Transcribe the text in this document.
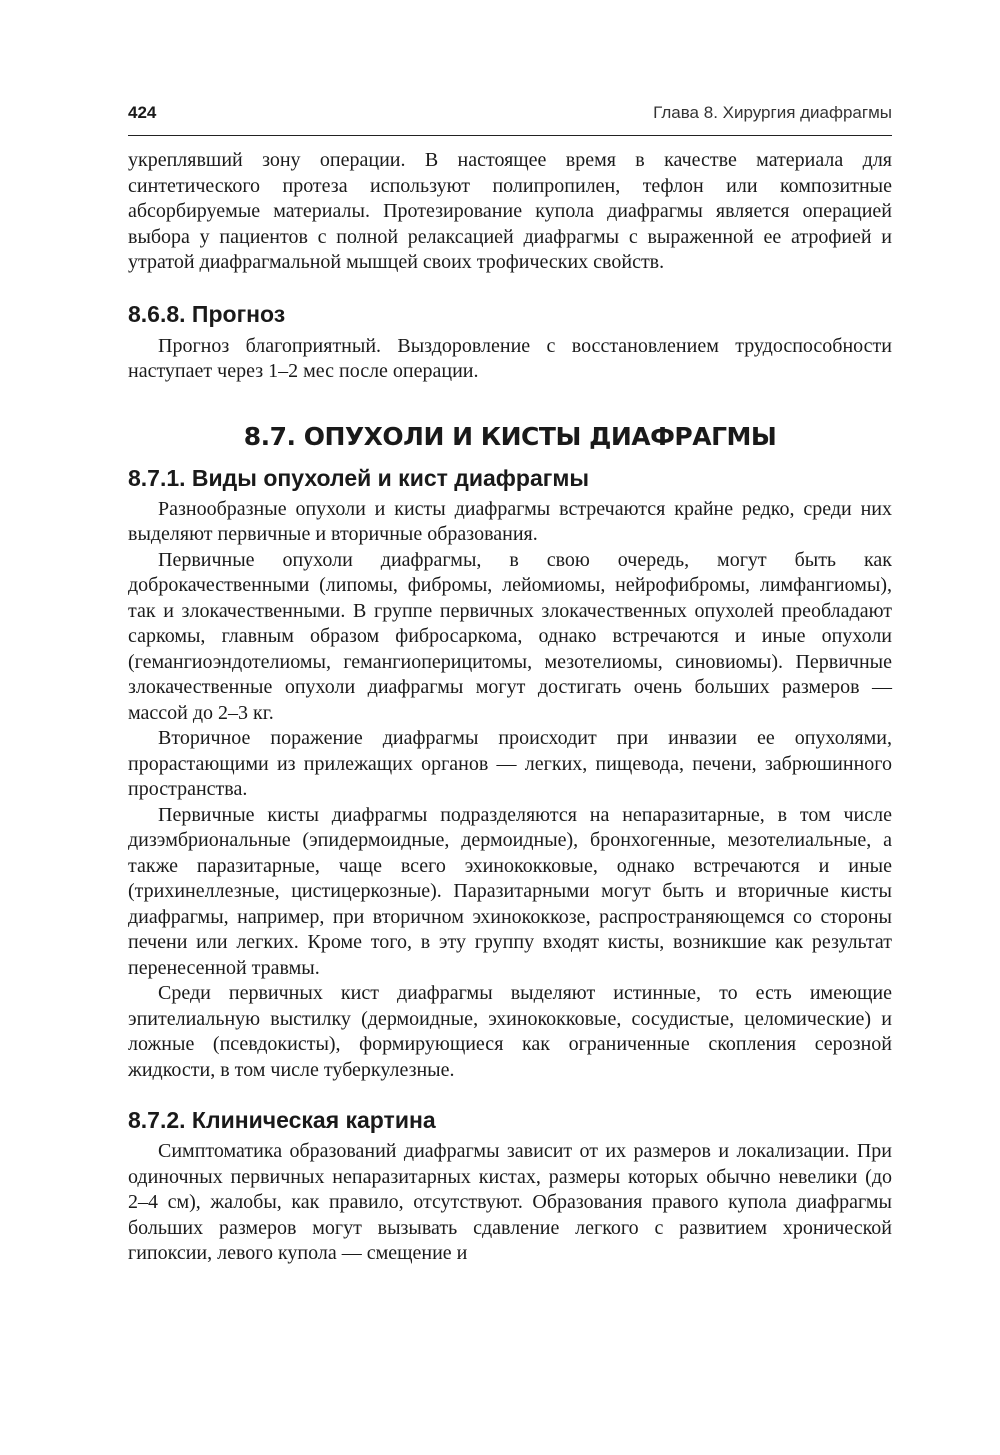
424	Глава 8. Хирургия диафрагмы

укреплявший зону операции. В настоящее время в качестве материала для синтетического протеза используют полипропилен, тефлон или композитные абсорбируемые материалы. Протезирование купола диафрагмы является операцией выбора у пациентов с полной релаксацией диафрагмы с выраженной ее атрофией и утратой диафрагмальной мышцей своих трофических свойств.

8.6.8. Прогноз

Прогноз благоприятный. Выздоровление с восстановлением трудоспособности наступает через 1–2 мес после операции.

8.7. ОПУХОЛИ И КИСТЫ ДИАФРАГМЫ
8.7.1. Виды опухолей и кист диафрагмы

Разнообразные опухоли и кисты диафрагмы встречаются крайне редко, среди них выделяют первичные и вторичные образования.

Первичные опухоли диафрагмы, в свою очередь, могут быть как доброкачественными (липомы, фибромы, лейомиомы, нейрофибромы, лимфангиомы), так и злокачественными. В группе первичных злокачественных опухолей преобладают саркомы, главным образом фибросаркома, однако встречаются и иные опухоли (гемангиоэндотелиомы, гемангиоперицитомы, мезотелиомы, синовиомы). Первичные злокачественные опухоли диафрагмы могут достигать очень больших размеров — массой до 2–3 кг.

Вторичное поражение диафрагмы происходит при инвазии ее опухолями, прорастающими из прилежащих органов — легких, пищевода, печени, забрюшинного пространства.

Первичные кисты диафрагмы подразделяются на непаразитарные, в том числе дизэмбриональные (эпидермоидные, дермоидные), бронхогенные, мезотелиальные, а также паразитарные, чаще всего эхинококковые, однако встречаются и иные (трихинеллезные, цистицеркозные). Паразитарными могут быть и вторичные кисты диафрагмы, например, при вторичном эхинококкозе, распространяющемся со стороны печени или легких. Кроме того, в эту группу входят кисты, возникшие как результат перенесенной травмы.

Среди первичных кист диафрагмы выделяют истинные, то есть имеющие эпителиальную выстилку (дермоидные, эхинококковые, сосудистые, целомические) и ложные (псевдокисты), формирующиеся как ограниченные скопления серозной жидкости, в том числе туберкулезные.

8.7.2. Клиническая картина

Симптоматика образований диафрагмы зависит от их размеров и локализации. При одиночных первичных непаразитарных кистах, размеры которых обычно невелики (до 2–4 см), жалобы, как правило, отсутствуют. Образования правого купола диафрагмы больших размеров могут вызывать сдавление легкого с развитием хронической гипоксии, левого купола — смещение и
